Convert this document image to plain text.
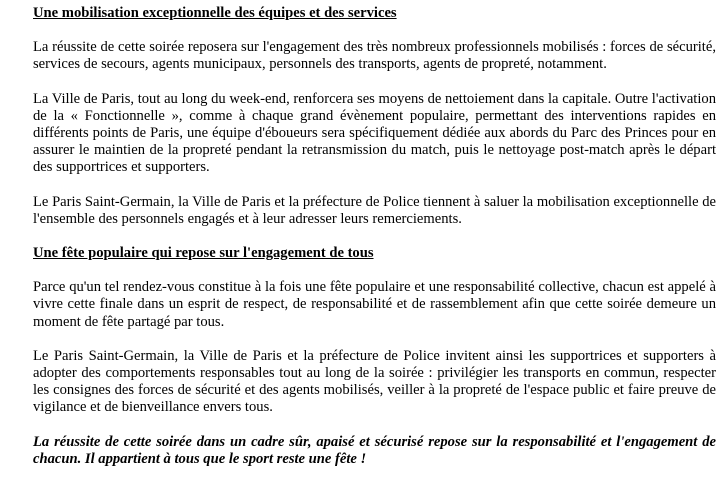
Une mobilisation exceptionnelle des équipes et des services

La réussite de cette soirée reposera sur l'engagement des très nombreux professionnels mobilisés : forces de sécurité, services de secours, agents municipaux, personnels des transports, agents de propreté, notamment.

La Ville de Paris, tout au long du week-end, renforcera ses moyens de nettoiement dans la capitale. Outre l'activation de la « Fonctionnelle », comme à chaque grand évènement populaire, permettant des interventions rapides en différents points de Paris, une équipe d'éboueurs sera spécifiquement dédiée aux abords du Parc des Princes pour en assurer le maintien de la propreté pendant la retransmission du match, puis le nettoyage post-match après le départ des supportrices et supporters.

Le Paris Saint-Germain, la Ville de Paris et la préfecture de Police tiennent à saluer la mobilisation exceptionnelle de l'ensemble des personnels engagés et à leur adresser leurs remerciements.

Une fête populaire qui repose sur l'engagement de tous

Parce qu'un tel rendez-vous constitue à la fois une fête populaire et une responsabilité collective, chacun est appelé à vivre cette finale dans un esprit de respect, de responsabilité et de rassemblement afin que cette soirée demeure un moment de fête partagé par tous.

Le Paris Saint-Germain, la Ville de Paris et la préfecture de Police invitent ainsi les supportrices et supporters à adopter des comportements responsables tout au long de la soirée : privilégier les transports en commun, respecter les consignes des forces de sécurité et des agents mobilisés, veiller à la propreté de l'espace public et faire preuve de vigilance et de bienveillance envers tous.

La réussite de cette soirée dans un cadre sûr, apaisé et sécurisé repose sur la responsabilité et l'engagement de chacun. Il appartient à tous que le sport reste une fête !
